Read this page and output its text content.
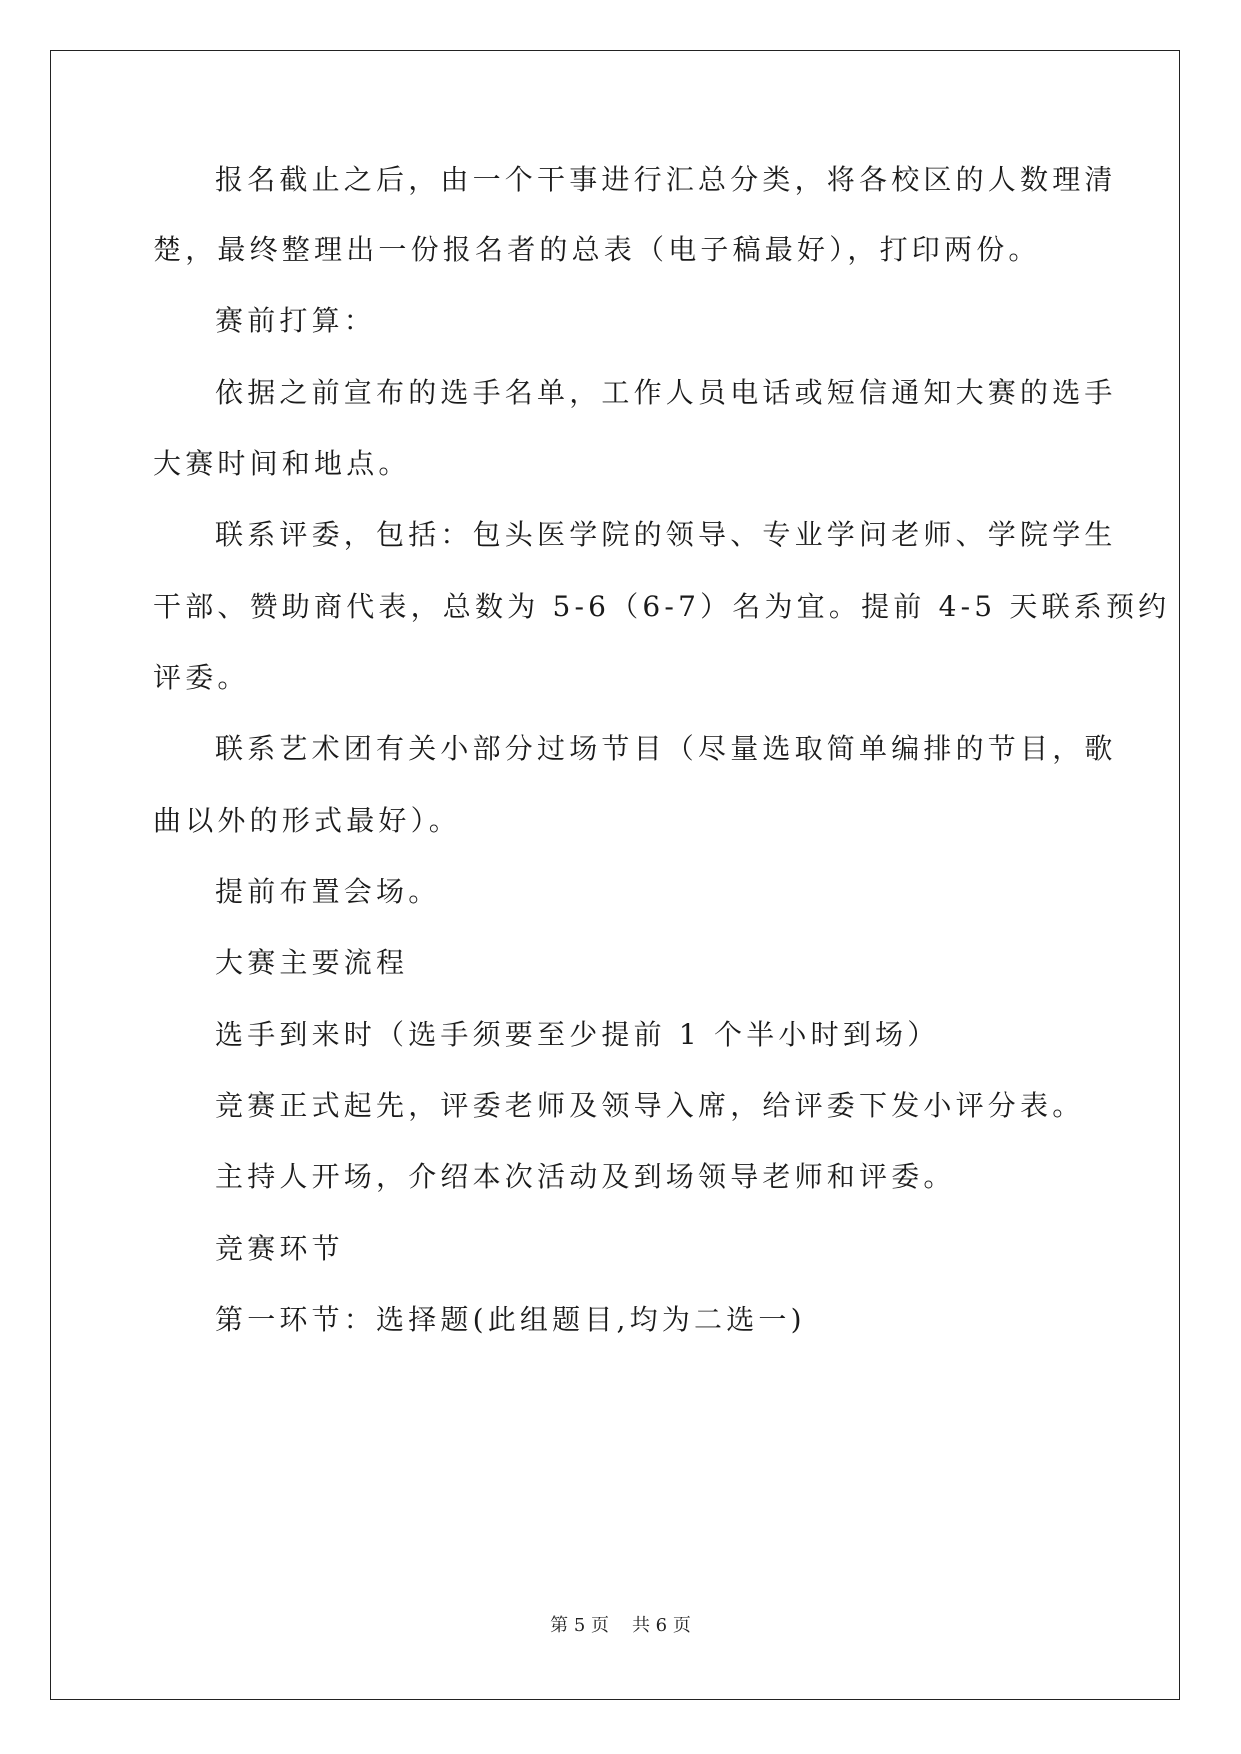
报名截止之后，由一个干事进行汇总分类，将各校区的人数理清
楚，最终整理出一份报名者的总表（电子稿最好），打印两份。
赛前打算：
依据之前宣布的选手名单，工作人员电话或短信通知大赛的选手
大赛时间和地点。
联系评委，包括：包头医学院的领导、专业学问老师、学院学生
干部、赞助商代表，总数为 5-6（6-7）名为宜。提前 4-5 天联系预约
评委。
联系艺术团有关小部分过场节目（尽量选取简单编排的节目，歌
曲以外的形式最好）。
提前布置会场。
大赛主要流程
选手到来时（选手须要至少提前 1 个半小时到场）
竞赛正式起先，评委老师及领导入席，给评委下发小评分表。
主持人开场，介绍本次活动及到场领导老师和评委。
竞赛环节
第一环节：选择题(此组题目,均为二选一)
第 5 页 共 6 页
